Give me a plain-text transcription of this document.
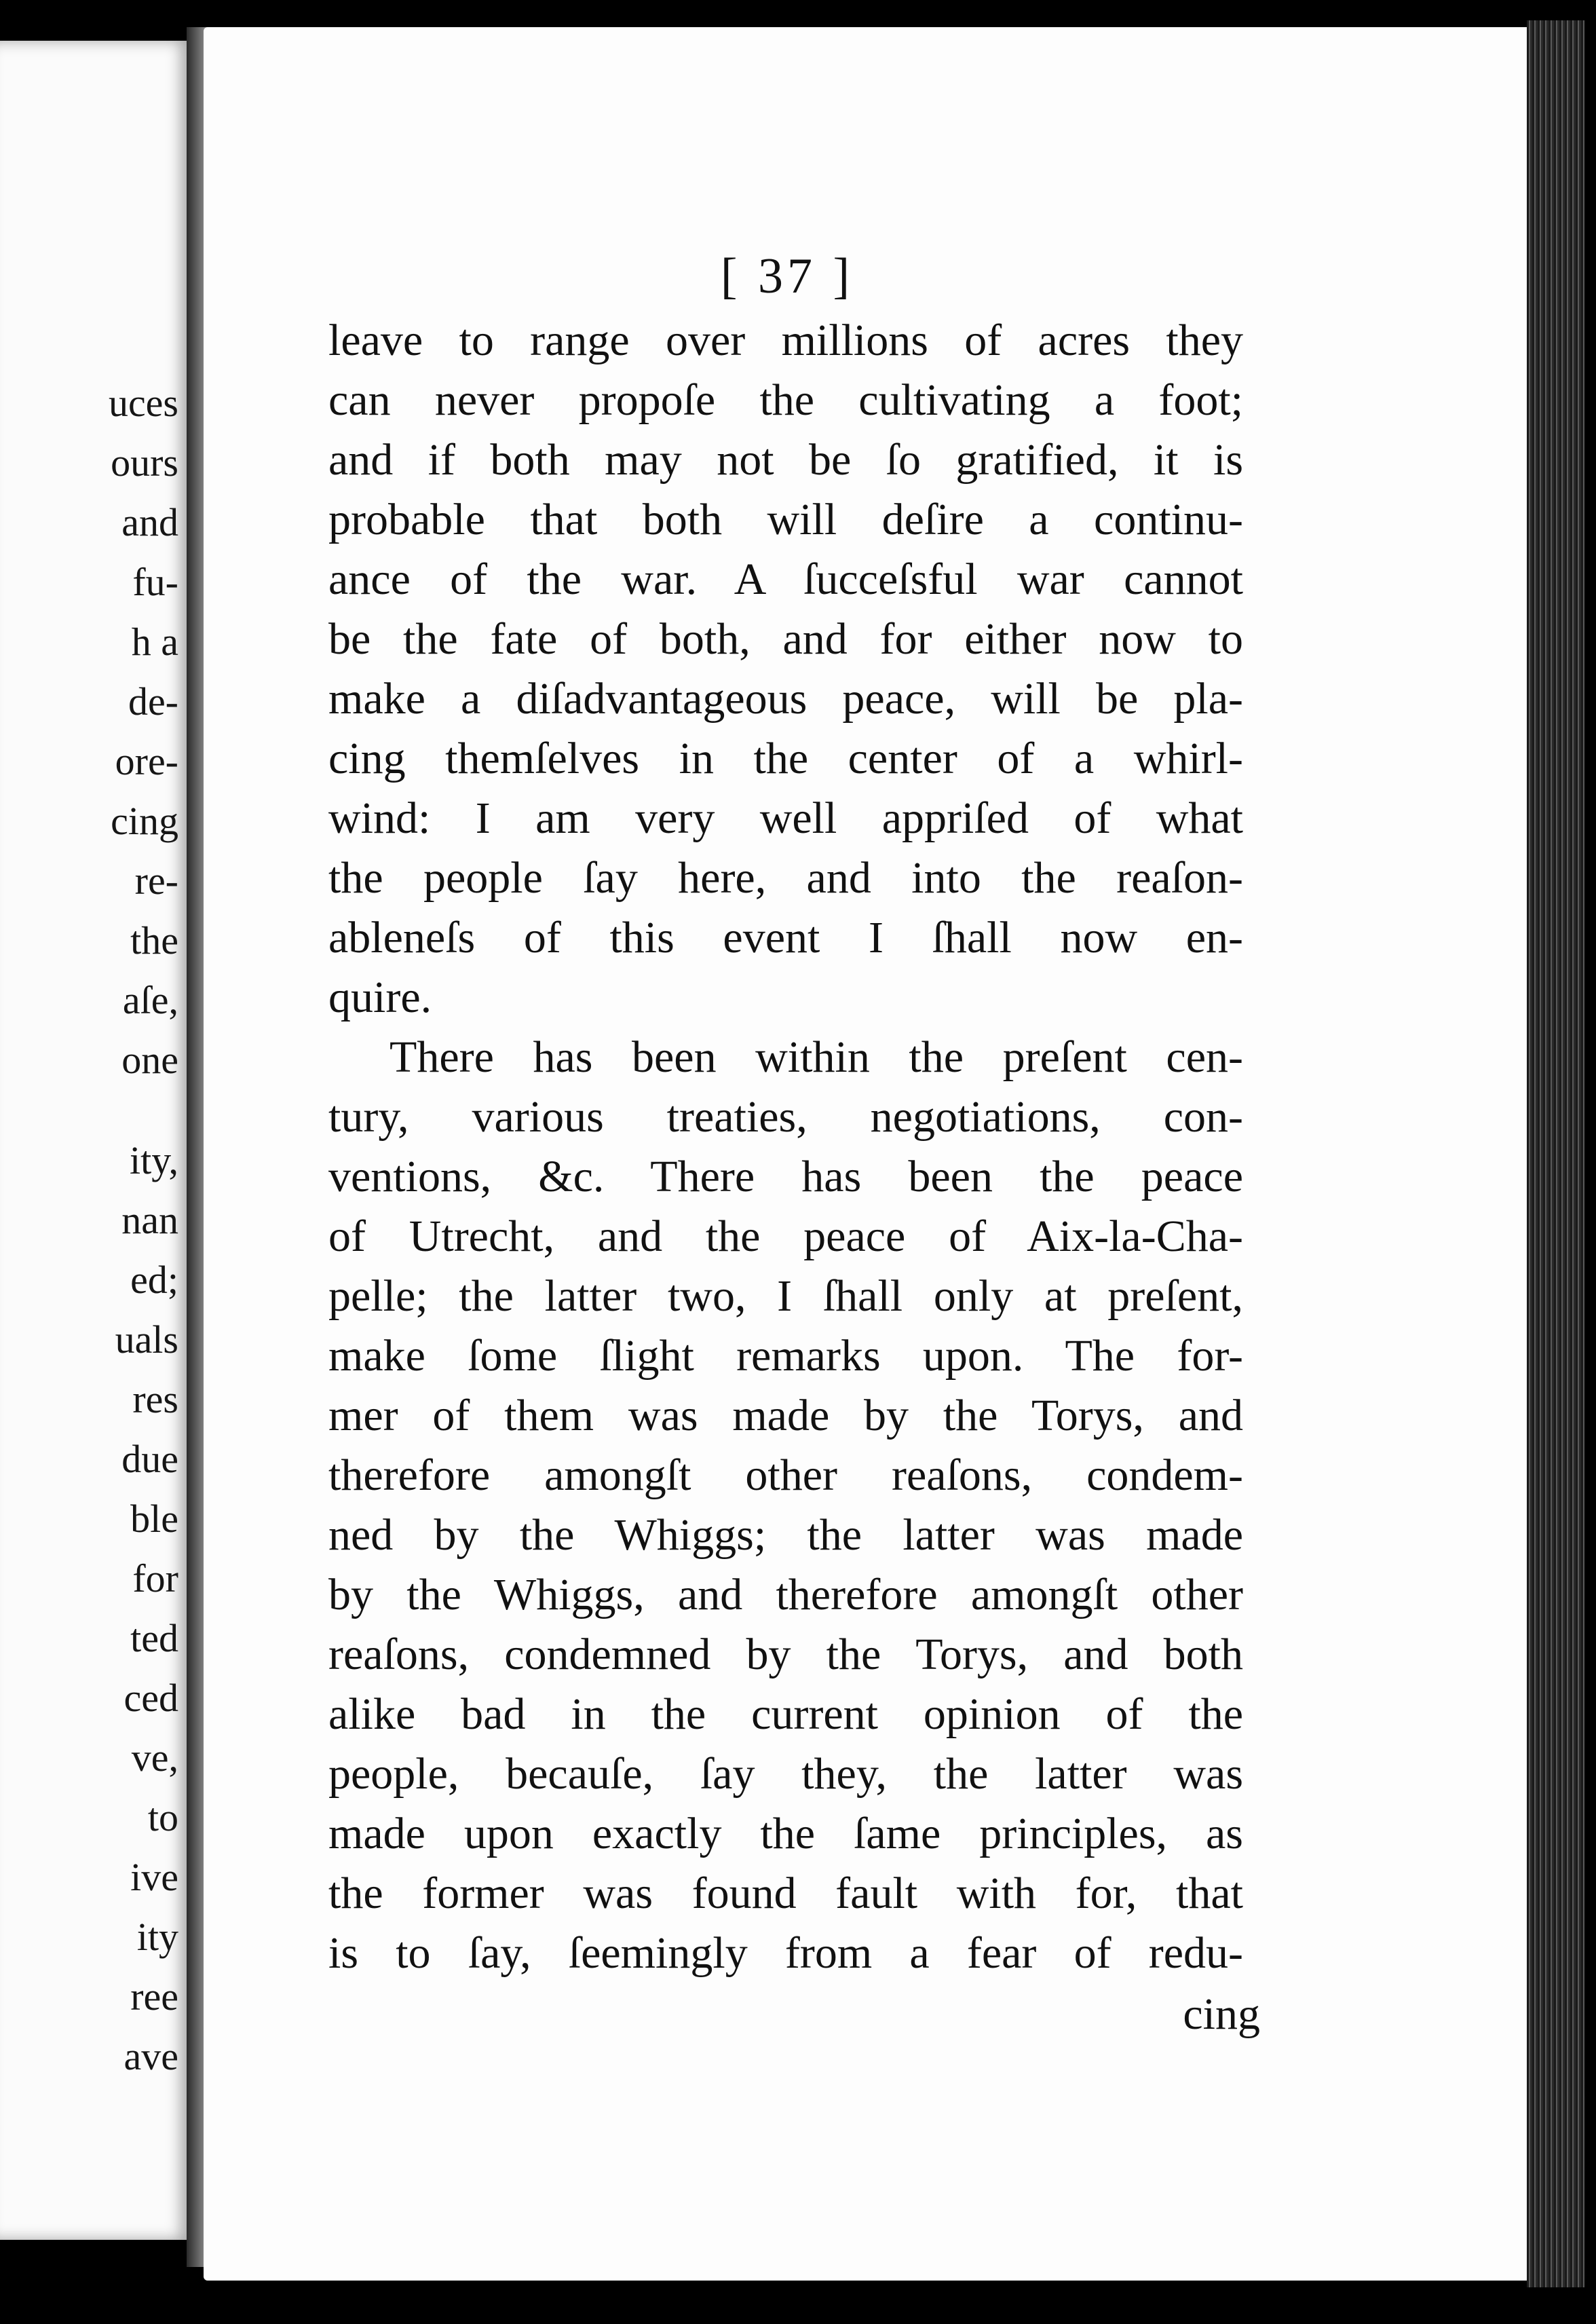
uces
ours
and
fu-
h a
de-
ore-
cing
re-
the
aſe,
one
ity,
nan
ed;
uals
res
due
ble
for
ted
ced
ve,
to
ive
ity
ree
ave
[ 37 ]
leave to range over millions of acres they
can never propoſe the cultivating a foot;
and if both may not be ſo gratified, it is
probable that both will deſire a continu-
ance of the war. A ſucceſsful war cannot
be the fate of both, and for either now to
make a diſadvantageous peace, will be pla-
cing themſelves in the center of a whirl-
wind: I am very well appriſed of what
the people ſay here, and into the reaſon-
ableneſs of this event I ſhall now en-
quire.
There has been within the preſent cen-
tury, various treaties, negotiations, con-
ventions, &c. There has been the peace
of Utrecht, and the peace of Aix-la-Cha-
pelle; the latter two, I ſhall only at preſent,
make ſome ſlight remarks upon. The for-
mer of them was made by the Torys, and
therefore amongſt other reaſons, condem-
ned by the Whiggs; the latter was made
by the Whiggs, and therefore amongſt other
reaſons, condemned by the Torys, and both
alike bad in the current opinion of the
people, becauſe, ſay they, the latter was
made upon exactly the ſame principles, as
the former was found fault with for, that
is to ſay, ſeemingly from a fear of redu-
cing
